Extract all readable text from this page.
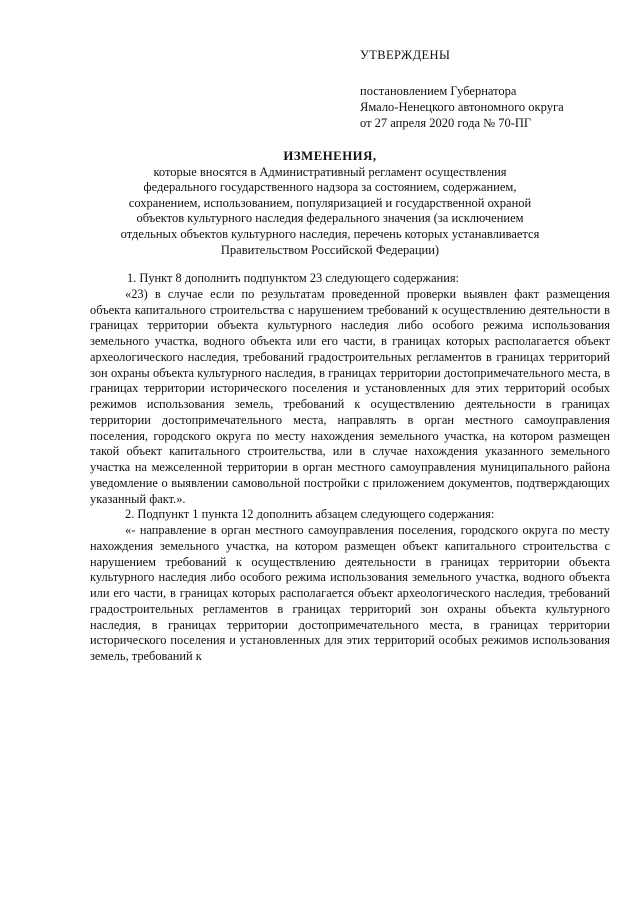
УТВЕРЖДЕНЫ
постановлением Губернатора
Ямало-Ненецкого автономного округа
от 27 апреля 2020 года № 70-ПГ
ИЗМЕНЕНИЯ,
которые вносятся в Административный регламент осуществления
федерального государственного надзора за состоянием, содержанием,
сохранением, использованием, популяризацией и государственной охраной
объектов культурного наследия федерального значения (за исключением
отдельных объектов культурного наследия, перечень которых устанавливается
Правительством Российской Федерации)

1. Пункт 8 дополнить подпунктом 23 следующего содержания:

«23) в случае если по результатам проведенной проверки выявлен факт размещения объекта капитального строительства с нарушением требований к осуществлению деятельности в границах территории объекта культурного наследия либо особого режима использования земельного участка, водного объекта или его части, в границах которых располагается объект археологического наследия, требований градостроительных регламентов в границах территорий зон охраны объекта культурного наследия, в границах территории достопримечательного места, в границах территории исторического поселения и установленных для этих территорий особых режимов использования земель, требований к осуществлению деятельности в границах территории достопримечательного места, направлять в орган местного самоуправления поселения, городского округа по месту нахождения земельного участка, на котором размещен такой объект капитального строительства, или в случае нахождения указанного земельного участка на межселенной территории в орган местного самоуправления муниципального района уведомление о выявлении самовольной постройки с приложением документов, подтверждающих указанный факт.».

2. Подпункт 1 пункта 12 дополнить абзацем следующего содержания:

«- направление в орган местного самоуправления поселения, городского округа по месту нахождения земельного участка, на котором размещен объект капитального строительства с нарушением требований к осуществлению деятельности в границах территории объекта культурного наследия либо особого режима использования земельного участка, водного объекта или его части, в границах которых располагается объект археологического наследия, требований градостроительных регламентов в границах территорий зон охраны объекта культурного наследия, в границах территории достопримечательного места, в границах территории исторического поселения и установленных для этих территорий особых режимов использования земель, требований к
